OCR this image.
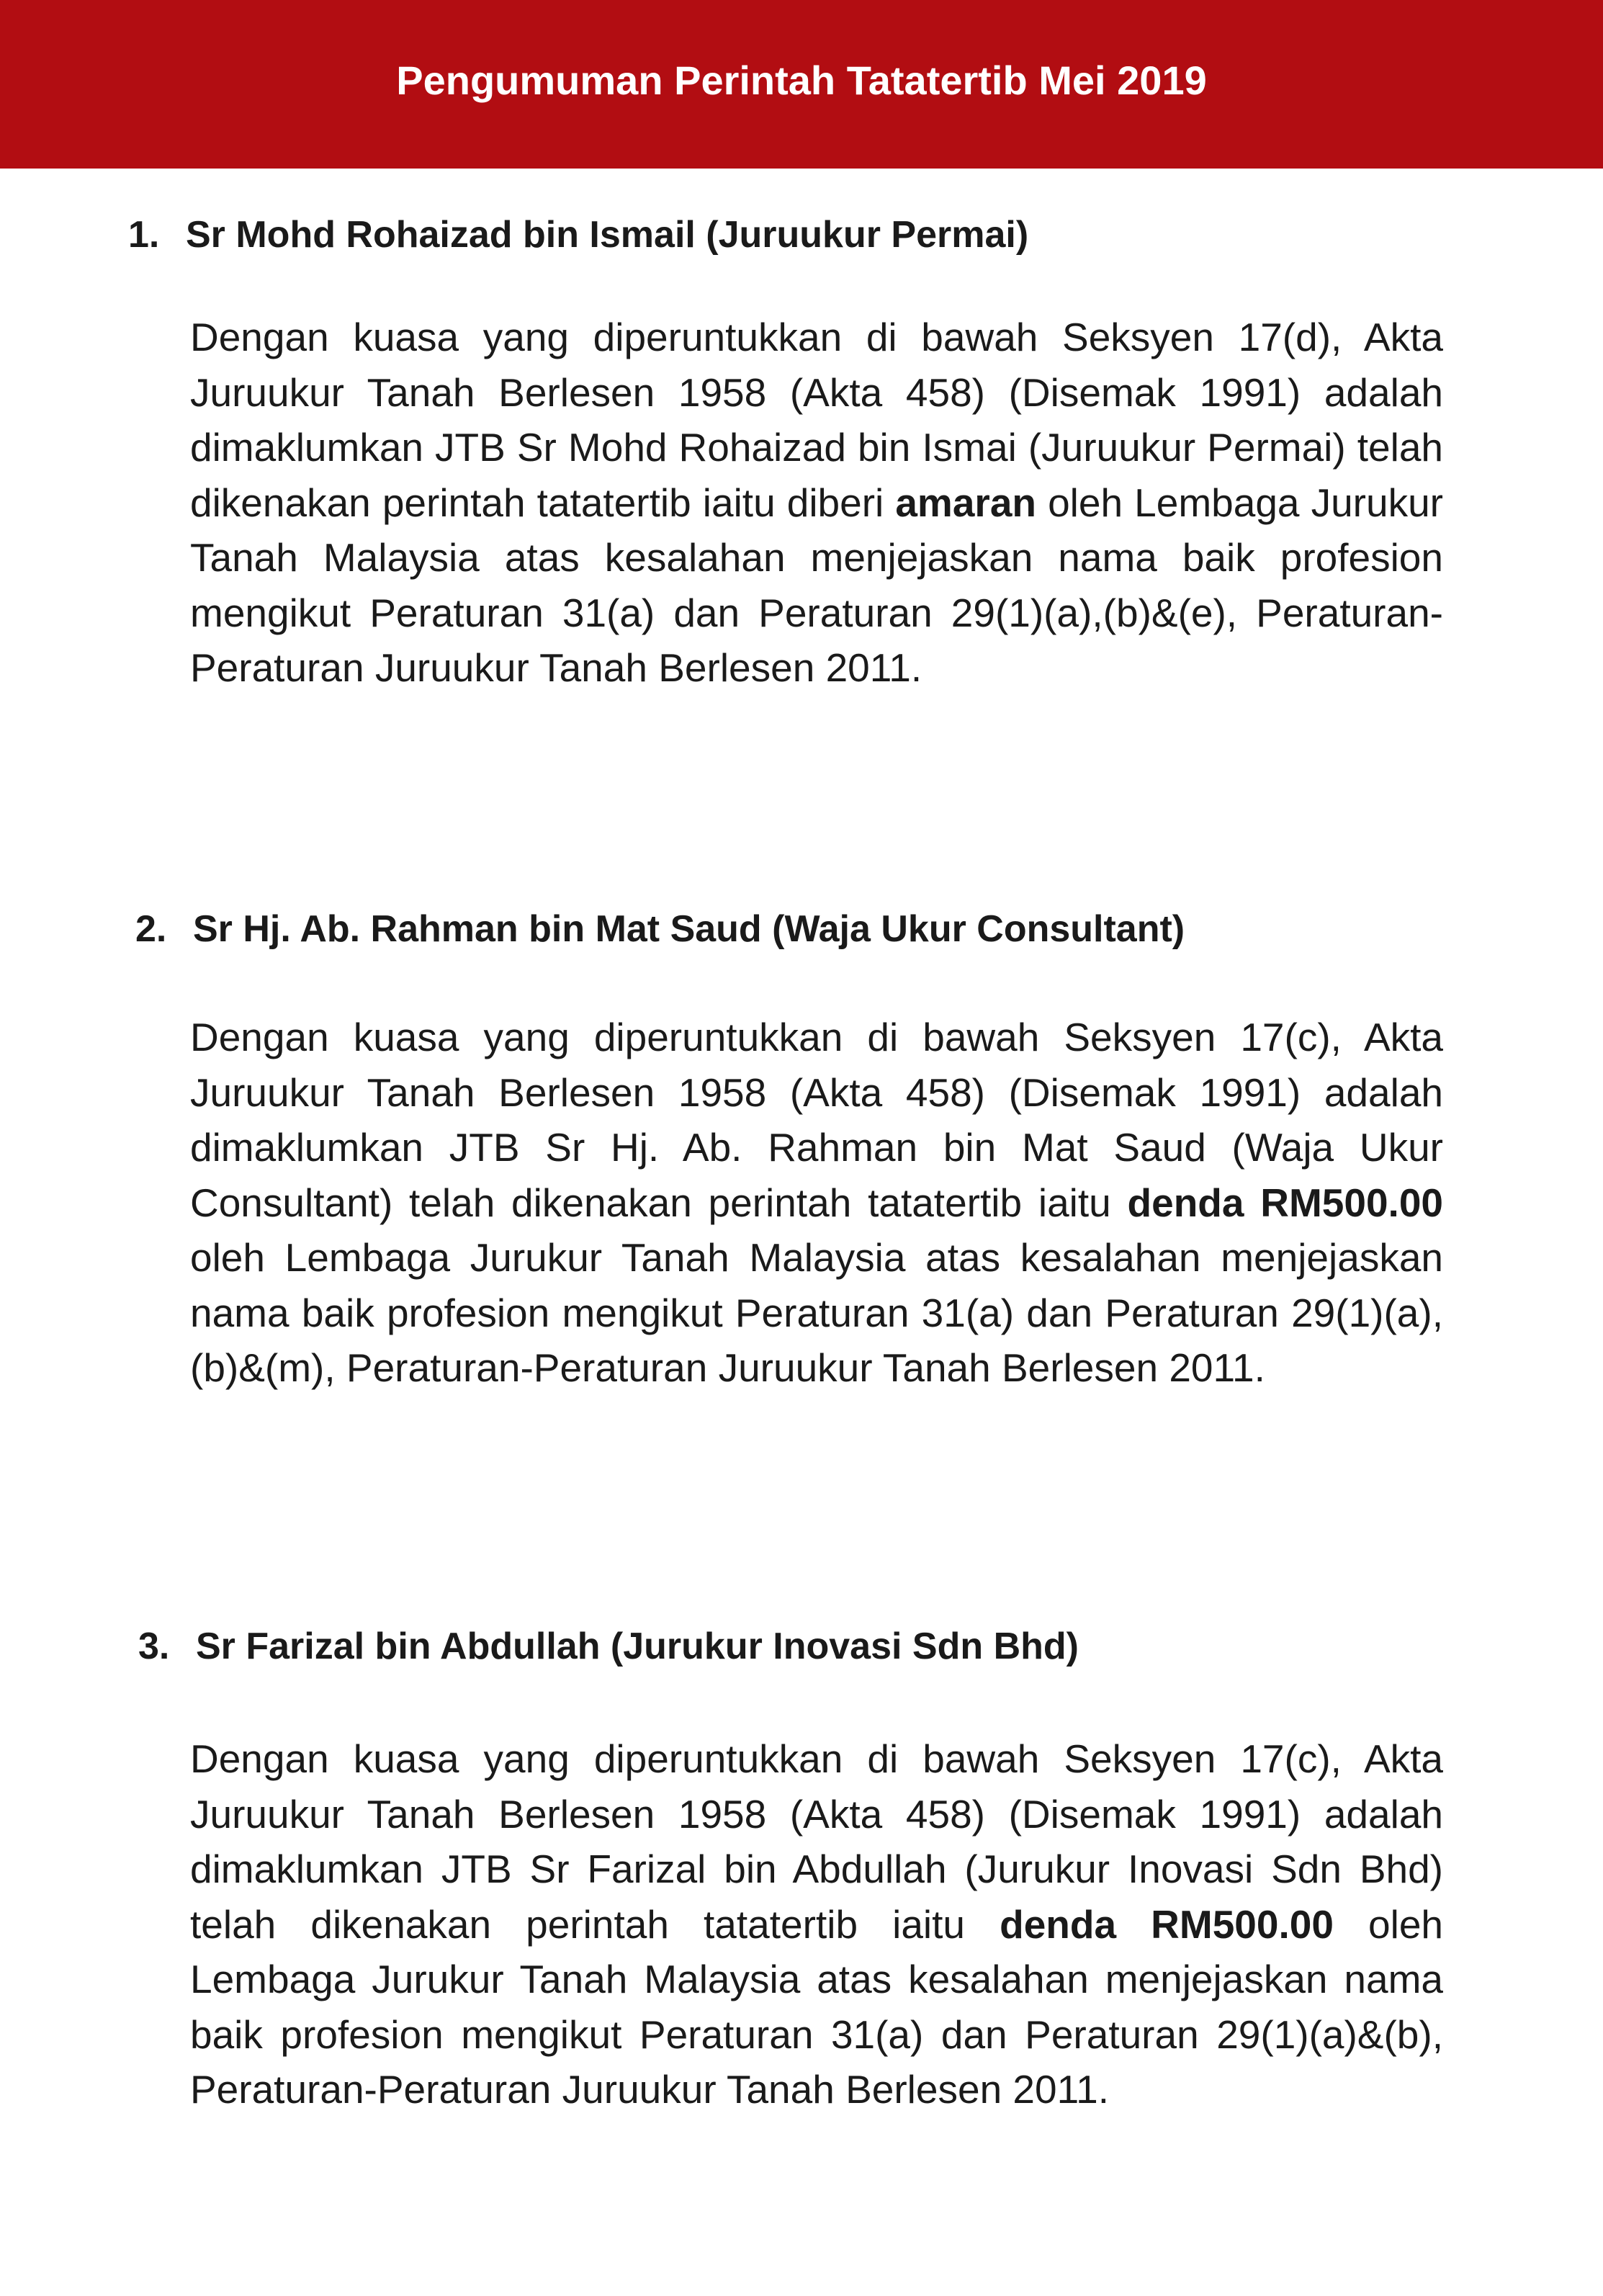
Pengumuman Perintah Tatatertib Mei 2019
1. Sr Mohd Rohaizad bin Ismail (Juruukur Permai)
Dengan kuasa yang diperuntukkan di bawah Seksyen 17(d), Akta Juruukur Tanah Berlesen 1958 (Akta 458) (Disemak 1991) adalah dimaklumkan JTB Sr Mohd Rohaizad bin Ismai (Juruukur Permai) telah dikenakan perintah tatatertib iaitu diberi amaran oleh Lembaga Jurukur Tanah Malaysia atas kesalahan menjejaskan nama baik profesion mengikut Peraturan 31(a) dan Peraturan 29(1)(a),(b)&(e), Peraturan-Peraturan Juruukur Tanah Berlesen 2011.
2. Sr Hj. Ab. Rahman bin Mat Saud (Waja Ukur Consultant)
Dengan kuasa yang diperuntukkan di bawah Seksyen 17(c), Akta Juruukur Tanah Berlesen 1958 (Akta 458) (Disemak 1991) adalah dimaklumkan JTB Sr Hj. Ab. Rahman bin Mat Saud (Waja Ukur Consultant) telah dikenakan perintah tatatertib iaitu denda RM500.00 oleh Lembaga Jurukur Tanah Malaysia atas kesalahan menjejaskan nama baik profesion mengikut Peraturan 31(a) dan Peraturan 29(1)(a),(b)&(m), Peraturan-Peraturan Juruukur Tanah Berlesen 2011.
3. Sr Farizal bin Abdullah (Jurukur Inovasi Sdn Bhd)
Dengan kuasa yang diperuntukkan di bawah Seksyen 17(c), Akta Juruukur Tanah Berlesen 1958 (Akta 458) (Disemak 1991) adalah dimaklumkan JTB Sr Farizal bin Abdullah (Jurukur Inovasi Sdn Bhd) telah dikenakan perintah tatatertib iaitu denda RM500.00 oleh Lembaga Jurukur Tanah Malaysia atas kesalahan menjejaskan nama baik profesion mengikut Peraturan 31(a) dan Peraturan 29(1)(a)&(b), Peraturan-Peraturan Juruukur Tanah Berlesen 2011.
